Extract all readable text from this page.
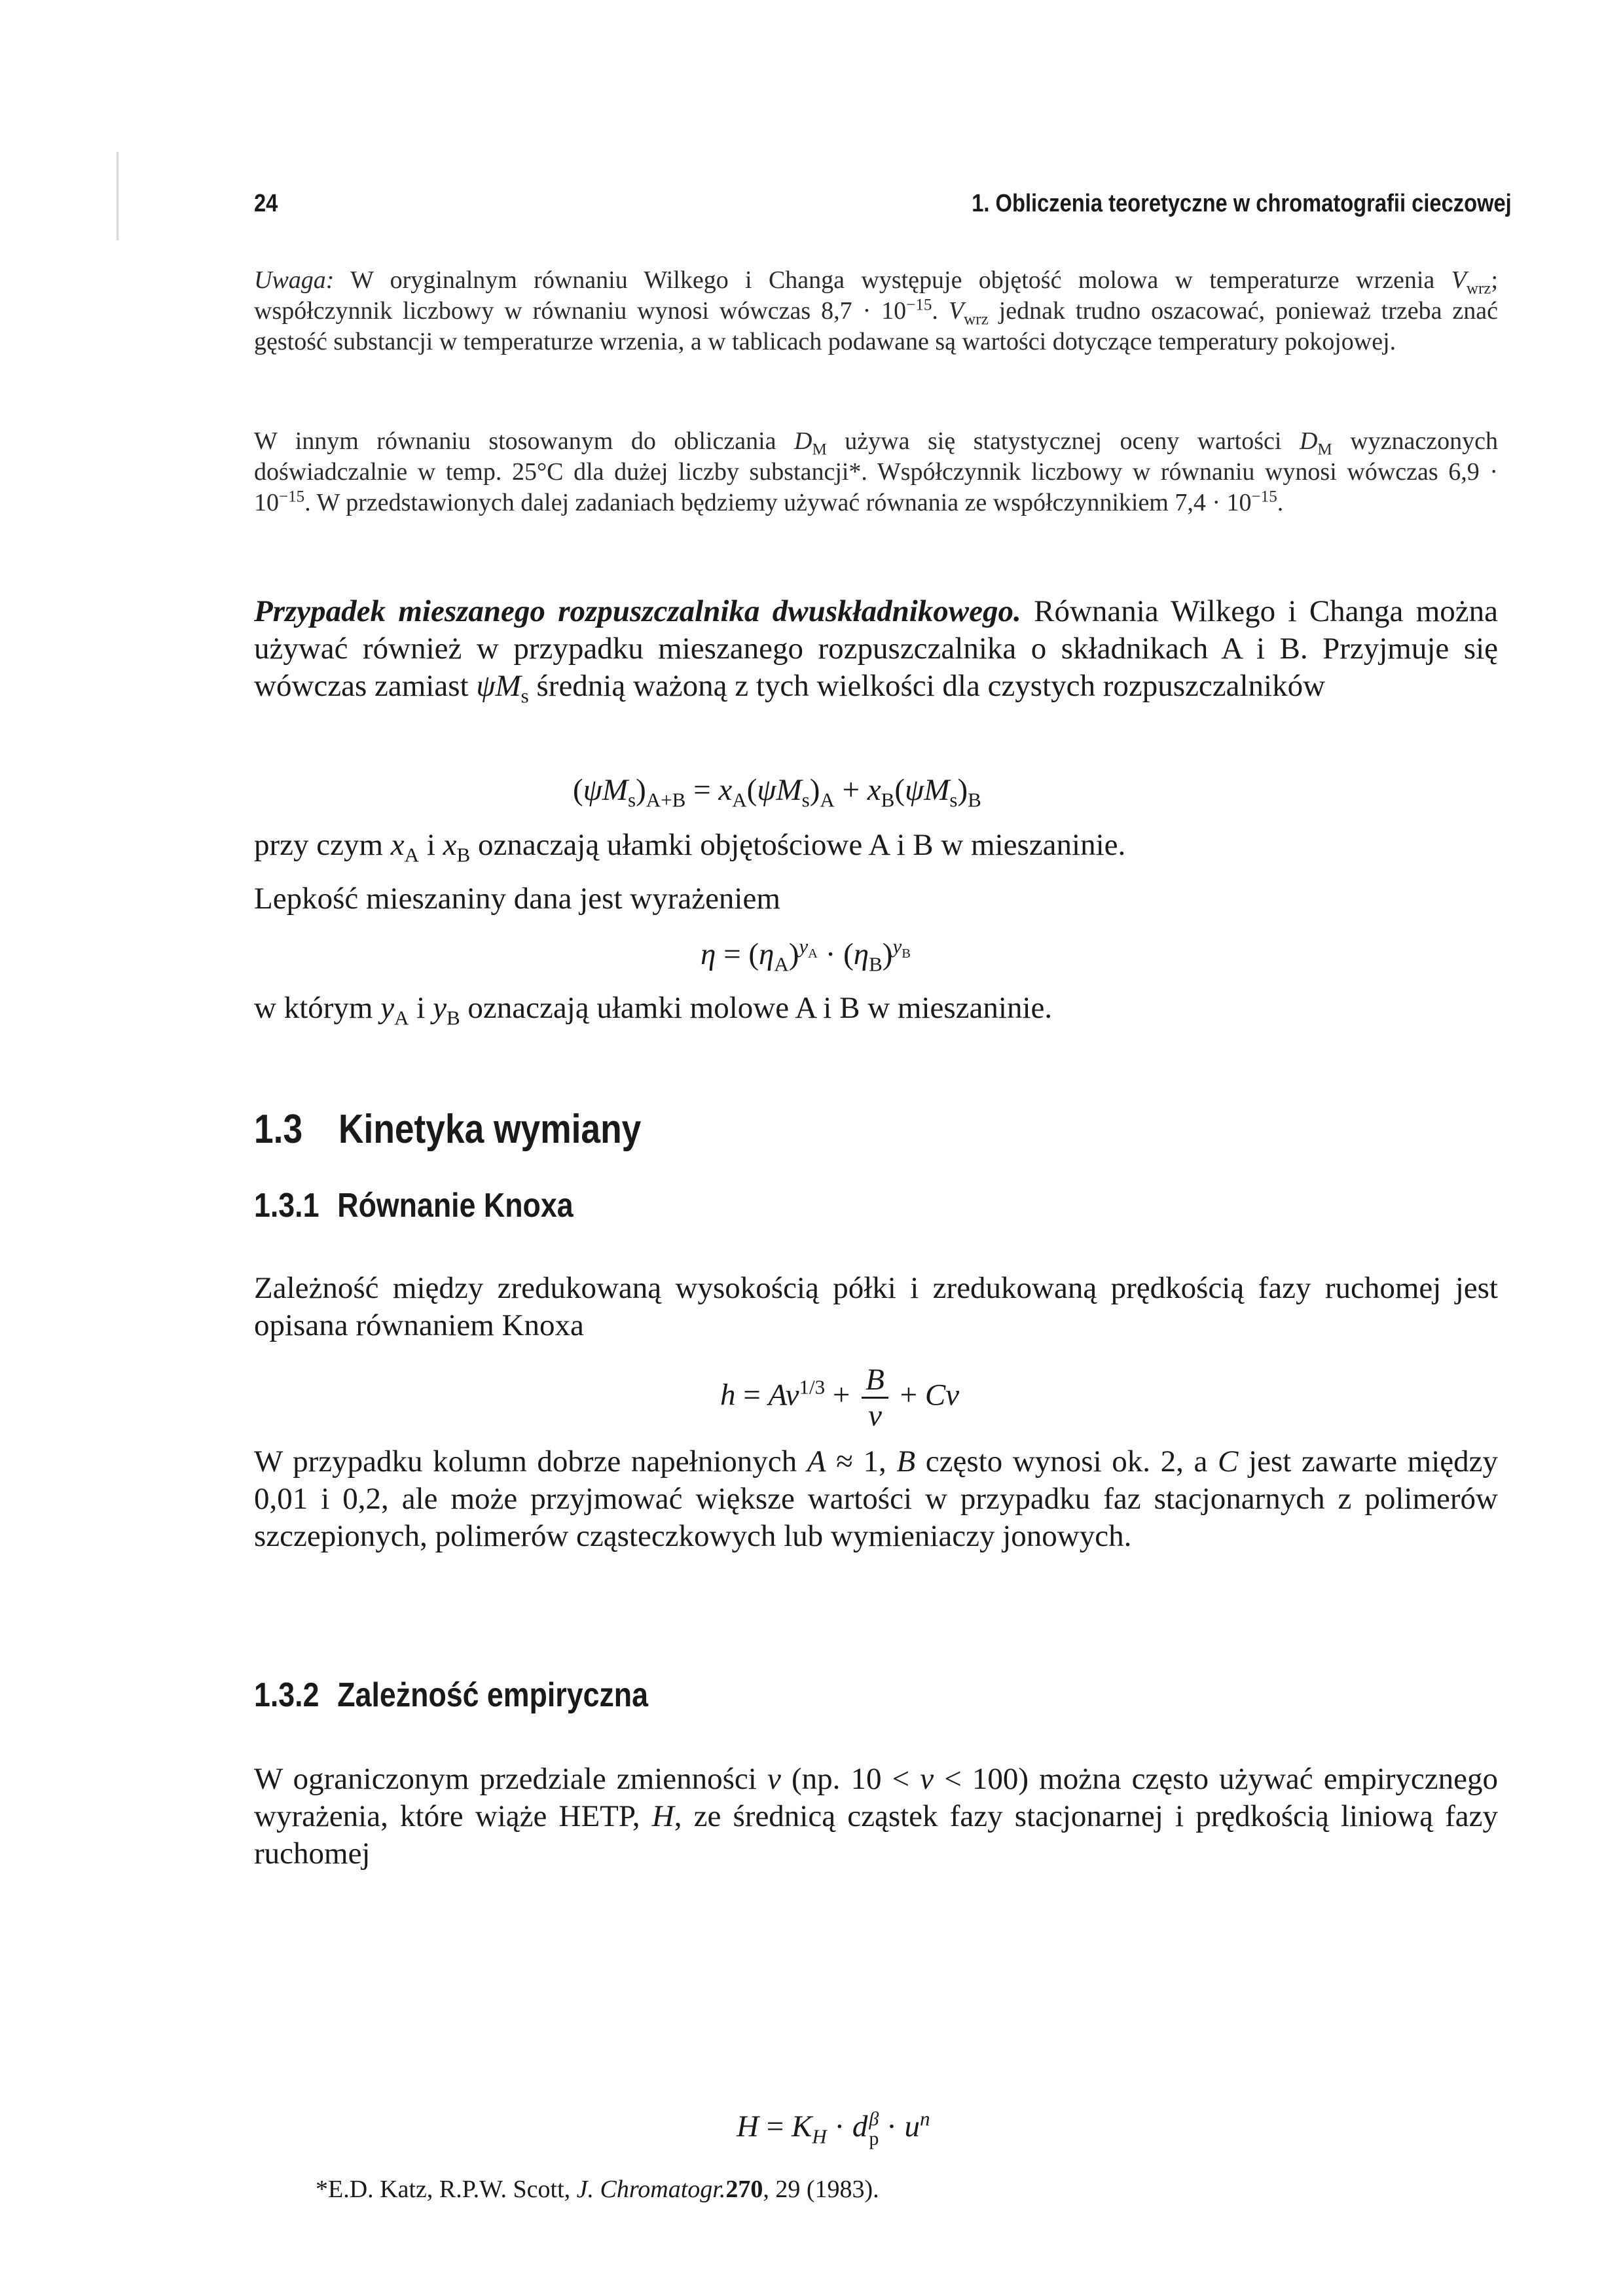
24	1. Obliczenia teoretyczne w chromatografii cieczowej

Uwaga: W oryginalnym równaniu Wilkego i Changa występuje objętość molowa w temperaturze wrzenia $V_{wrz}$; współczynnik liczbowy w równaniu wynosi wówczas $8,7 \cdot 10^{-15}$. $V_{wrz}$ jednak trudno oszacować, ponieważ trzeba znać gęstość substancji w temperaturze wrzenia, a w tablicach podawane są wartości dotyczące temperatury pokojowej.

W innym równaniu stosowanym do obliczania $D_M$ używa się statystycznej oceny wartości $D_M$ wyznaczonych doświadczalnie w temp. 25°C dla dużej liczby substancji*. Współczynnik liczbowy w równaniu wynosi wówczas $6,9 \cdot 10^{-15}$. W przedstawionych dalej zadaniach będziemy używać równania ze współczynnikiem $7,4 \cdot 10^{-15}$.

Przypadek mieszanego rozpuszczalnika dwuskładnikowego. Równania Wilkego i Changa można używać również w przypadku mieszanego rozpuszczalnika o składnikach A i B. Przyjmuje się wówczas zamiast $\psi M_s$ średnią ważoną z tych wielkości dla czystych rozpuszczalników

$(\psi M_s)_{A+B} = x_A(\psi M_s)_A + x_B(\psi M_s)_B$

przy czym $x_A$ i $x_B$ oznaczają ułamki objętościowe A i B w mieszaninie.

Lepkość mieszaniny dana jest wyrażeniem

$\eta = (\eta_A)^{y_A} \cdot (\eta_B)^{y_B}$

w którym $y_A$ i $y_B$ oznaczają ułamki molowe A i B w mieszaninie.

1.3 Kinetyka wymiany
1.3.1 Równanie Knoxa

Zależność między zredukowaną wysokością półki i zredukowaną prędkością fazy ruchomej jest opisana równaniem Knoxa

$h = Av^{1/3} + \frac{B}{v} + Cv$

W przypadku kolumn dobrze napełnionych A ≈ 1, B często wynosi ok. 2, a C jest zawarte między 0,01 i 0,2, ale może przyjmować większe wartości w przypadku faz stacjonarnych z polimerów szczepionych, polimerów cząsteczkowych lub wymieniaczy jonowych.

1.3.2 Zależność empiryczna

W ograniczonym przedziale zmienności v (np. 10 < v < 100) można często używać empirycznego wyrażenia, które wiąże HETP, H, ze średnicą cząstek fazy stacjonarnej i prędkością liniową fazy ruchomej

$H = K_H \cdot d$ β
$p \cdot u^n$
*E.D. Katz, R.P.W. Scott, J. Chromatogr.270, 29 (1983).
